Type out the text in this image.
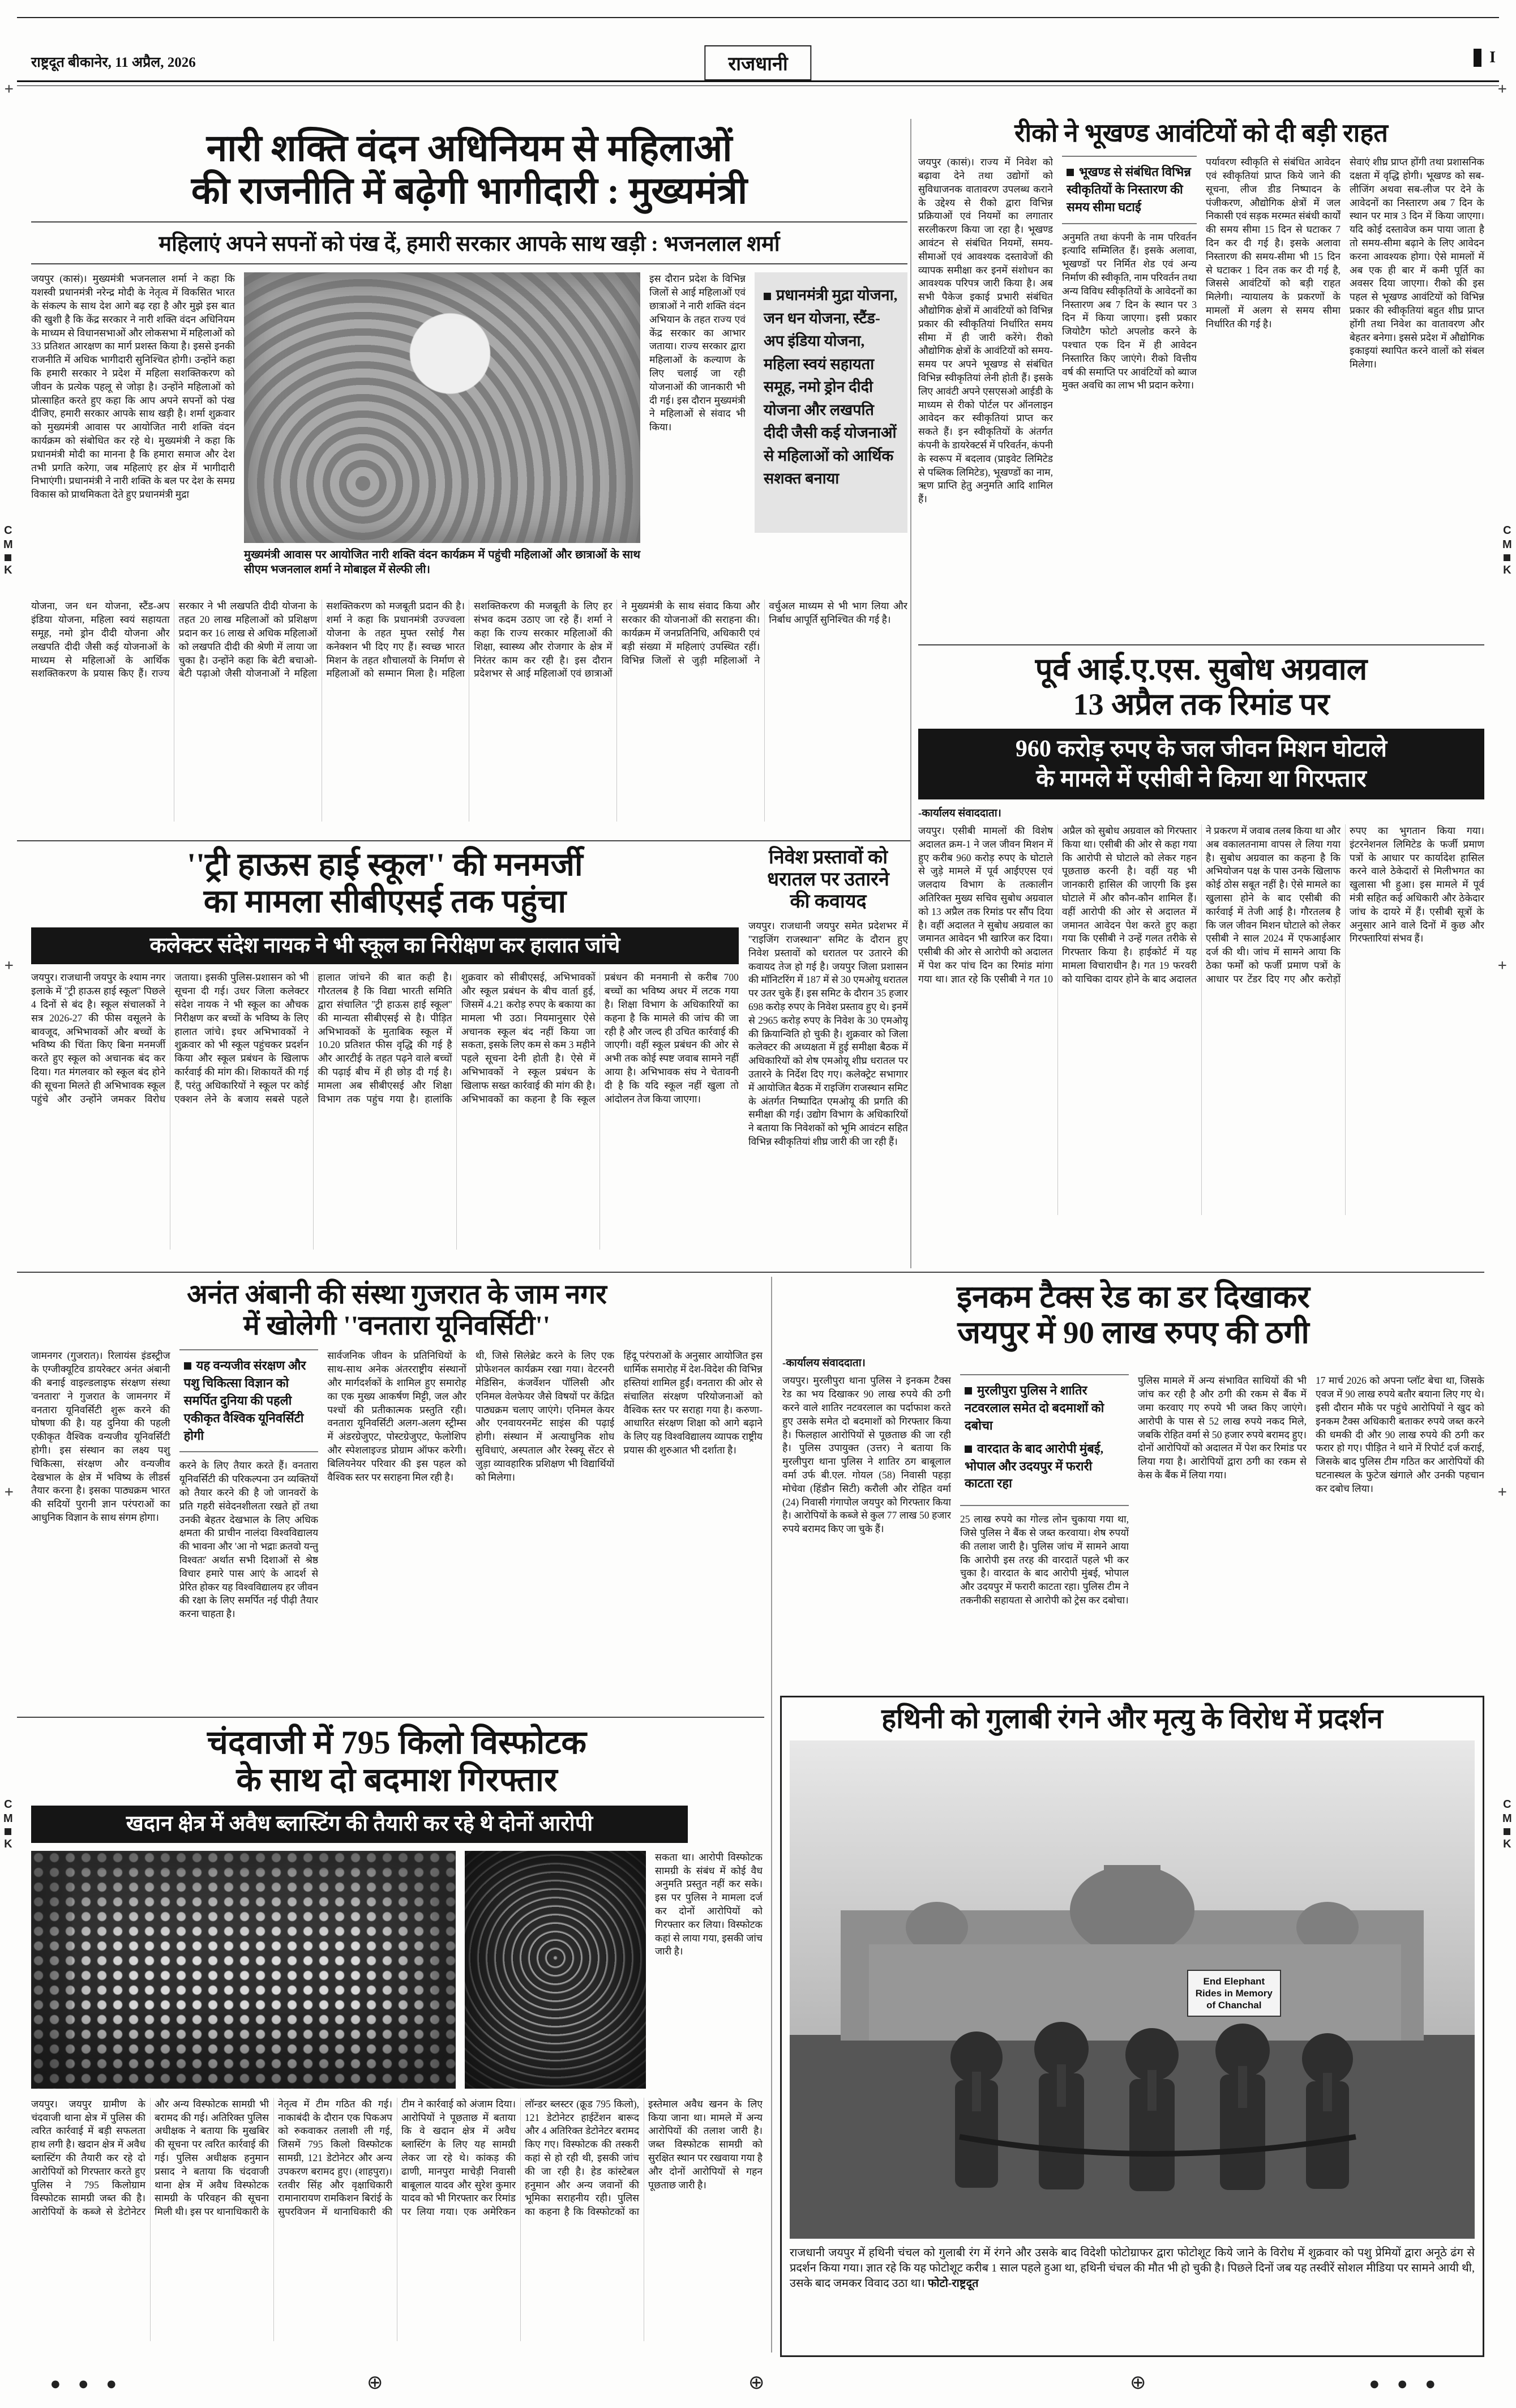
+	+
+	+
+	+
राष्ट्रदूत बीकानेर, 11 अप्रैल, 2026	राजधानी	I
C
M
K
C
M
K
C
M
K
C
M
K
नारी शक्ति वंदन अधिनियम से महिलाओं
की राजनीति में बढ़ेगी भागीदारी : मुख्यमंत्री
महिलाएं अपने सपनों को पंख दें, हमारी सरकार आपके साथ खड़ी : भजनलाल शर्मा
जयपुर (कासं)। मुख्यमंत्री भजनलाल शर्मा ने कहा कि यशस्वी प्रधानमंत्री नरेन्द्र मोदी के नेतृत्व में विकसित भारत के संकल्प के साथ देश आगे बढ़ रहा है और मुझे इस बात की खुशी है कि केंद्र सरकार ने नारी शक्ति वंदन अधिनियम के माध्यम से विधानसभाओं और लोकसभा में महिलाओं को 33 प्रतिशत आरक्षण का मार्ग प्रशस्त किया है। इससे इनकी राजनीति में अधिक भागीदारी सुनिश्चित होगी। उन्होंने कहा कि हमारी सरकार ने प्रदेश में महिला सशक्तिकरण को जीवन के प्रत्येक पहलू से जोड़ा है। उन्होंने महिलाओं को प्रोत्साहित करते हुए कहा कि आप अपने सपनों को पंख दीजिए, हमारी सरकार आपके साथ खड़ी है। शर्मा शुक्रवार को मुख्यमंत्री आवास पर आयोजित नारी शक्ति वंदन कार्यक्रम को संबोधित कर रहे थे। मुख्यमंत्री ने कहा कि प्रधानमंत्री मोदी का मानना है कि हमारा समाज और देश तभी प्रगति करेगा, जब महिलाएं हर क्षेत्र में भागीदारी निभाएंगी। प्रधानमंत्री ने नारी शक्ति के बल पर देश के समग्र विकास को प्राथमिकता देते हुए प्रधानमंत्री मुद्रा
मुख्यमंत्री आवास पर आयोजित नारी शक्ति वंदन कार्यक्रम में पहुंची महिलाओं और छात्राओं के साथ सीएम भजनलाल शर्मा ने मोबाइल में सेल्फी ली।
इस दौरान प्रदेश के विभिन्न जिलों से आई महिलाओं एवं छात्राओं ने नारी शक्ति वंदन अभियान के तहत राज्य एवं केंद्र सरकार का आभार जताया। राज्य सरकार द्वारा महिलाओं के कल्याण के लिए चलाई जा रही योजनाओं की जानकारी भी दी गई। इस दौरान मुख्यमंत्री ने महिलाओं से संवाद भी किया।
प्रधानमंत्री मुद्रा योजना, जन धन योजना, स्टैंड-अप इंडिया योजना, महिला स्वयं सहायता समूह, नमो ड्रोन दीदी योजना और लखपति दीदी जैसी कई योजनाओं से महिलाओं को आर्थिक सशक्त बनाया
योजना, जन धन योजना, स्टैंड-अप इंडिया योजना, महिला स्वयं सहायता समूह, नमो ड्रोन दीदी योजना और लखपति दीदी जैसी कई योजनाओं के माध्यम से महिलाओं के आर्थिक सशक्तिकरण के प्रयास किए हैं। राज्य सरकार ने भी लखपति दीदी योजना के तहत 20 लाख महिलाओं को प्रशिक्षण प्रदान कर 16 लाख से अधिक महिलाओं को लखपति दीदी की श्रेणी में लाया जा चुका है। उन्होंने कहा कि बेटी बचाओ-बेटी पढ़ाओ जैसी योजनाओं ने महिला सशक्तिकरण को मजबूती प्रदान की है। शर्मा ने कहा कि प्रधानमंत्री उज्ज्वला योजना के तहत मुफ्त रसोई गैस कनेक्शन भी दिए गए हैं। स्वच्छ भारत मिशन के तहत शौचालयों के निर्माण से महिलाओं को सम्मान मिला है। महिला सशक्तिकरण की मजबूती के लिए हर संभव कदम उठाए जा रहे हैं। शर्मा ने कहा कि राज्य सरकार महिलाओं की शिक्षा, स्वास्थ्य और रोजगार के क्षेत्र में निरंतर काम कर रही है। इस दौरान प्रदेशभर से आई महिलाओं एवं छात्राओं ने मुख्यमंत्री के साथ संवाद किया और सरकार की योजनाओं की सराहना की। कार्यक्रम में जनप्रतिनिधि, अधिकारी एवं बड़ी संख्या में महिलाएं उपस्थित रहीं। विभिन्न जिलों से जुड़ी महिलाओं ने वर्चुअल माध्यम से भी भाग लिया और निर्बाध आपूर्ति सुनिश्चित की गई है।
रीको ने भूखण्ड आवंटियों को दी बड़ी राहत
जयपुर (कासं)। राज्य में निवेश को बढ़ावा देने तथा उद्योगों को सुविधाजनक वातावरण उपलब्ध कराने के उद्देश्य से रीको द्वारा विभिन्न प्रक्रियाओं एवं नियमों का लगातार सरलीकरण किया जा रहा है। भूखण्ड आवंटन से संबंधित नियमों, समय-सीमाओं एवं आवश्यक दस्तावेजों की व्यापक समीक्षा कर इनमें संशोधन का आवश्यक परिपत्र जारी किया है। अब सभी पैकेज इकाई प्रभारी संबंधित औद्योगिक क्षेत्रों में आवंटियों को विभिन्न प्रकार की स्वीकृतियां निर्धारित समय सीमा में ही जारी करेंगे। रीको औद्योगिक क्षेत्रों के आवंटियों को समय-समय पर अपने भूखण्ड से संबंधित विभिन्न स्वीकृतियां लेनी होती हैं। इसके लिए आवंटी अपने एसएसओ आईडी के माध्यम से रीको पोर्टल पर ऑनलाइन आवेदन कर स्वीकृतियां प्राप्त कर सकते हैं। इन स्वीकृतियों के अंतर्गत कंपनी के डायरेक्टर्स में परिवर्तन, कंपनी के स्वरूप में बदलाव (प्राइवेट लिमिटेड से पब्लिक लिमिटेड), भूखण्डों का नाम, ऋण प्राप्ति हेतु अनुमति आदि शामिल हैं।
भूखण्ड से संबंधित विभिन्न स्वीकृतियों के निस्तारण की समय सीमा घटाई
अनुमति तथा कंपनी के नाम परिवर्तन इत्यादि सम्मिलित हैं। इसके अलावा, भूखण्डों पर निर्मित शेड एवं अन्य निर्माण की स्वीकृति, नाम परिवर्तन तथा अन्य विविध स्वीकृतियों के आवेदनों का निस्तारण अब 7 दिन के स्थान पर 3 दिन में किया जाएगा। इसी प्रकार जियोटैग फोटो अपलोड करने के पश्चात एक दिन में ही आवेदन निस्तारित किए जाएंगे। रीको वित्तीय वर्ष की समाप्ति पर आवंटियों को ब्याज मुक्त अवधि का लाभ भी प्रदान करेगा।
पर्यावरण स्वीकृति से संबंधित आवेदन एवं स्वीकृतियां प्राप्त किये जाने की सूचना, लीज डीड निष्पादन के पंजीकरण, औद्योगिक क्षेत्रों में जल निकासी एवं सड़क मरम्मत संबंधी कार्यों की समय सीमा 15 दिन से घटाकर 7 दिन कर दी गई है। इसके अलावा निस्तारण की समय-सीमा भी 15 दिन से घटाकर 1 दिन तक कर दी गई है, जिससे आवंटियों को बड़ी राहत मिलेगी। न्यायालय के प्रकरणों के मामलों में अलग से समय सीमा निर्धारित की गई है।
सेवाएं शीघ्र प्राप्त होंगी तथा प्रशासनिक दक्षता में वृद्धि होगी। भूखण्ड को सब-लीजिंग अथवा सब-लीज पर देने के आवेदनों का निस्तारण अब 7 दिन के स्थान पर मात्र 3 दिन में किया जाएगा। यदि कोई दस्तावेज कम पाया जाता है तो समय-सीमा बढ़ाने के लिए आवेदन करना आवश्यक होगा। ऐसे मामलों में अब एक ही बार में कमी पूर्ति का अवसर दिया जाएगा। रीको की इस पहल से भूखण्ड आवंटियों को विभिन्न प्रकार की स्वीकृतियां बहुत शीघ्र प्राप्त होंगी तथा निवेश का वातावरण और बेहतर बनेगा। इससे प्रदेश में औद्योगिक इकाइयां स्थापित करने वालों को संबल मिलेगा।
पूर्व आई.ए.एस. सुबोध अग्रवाल
13 अप्रैल तक रिमांड पर
960 करोड़ रुपए के जल जीवन मिशन घोटाले
के मामले में एसीबी ने किया था गिरफ्तार
-कार्यालय संवाददाता।
जयपुर। एसीबी मामलों की विशेष अदालत क्रम-1 ने जल जीवन मिशन में हुए करीब 960 करोड़ रुपए के घोटाले से जुड़े मामले में पूर्व आईएएस एवं जलदाय विभाग के तत्कालीन अतिरिक्त मुख्य सचिव सुबोध अग्रवाल को 13 अप्रैल तक रिमांड पर सौंप दिया है। वहीं अदालत ने सुबोध अग्रवाल का जमानत आवेदन भी खारिज कर दिया। एसीबी की ओर से आरोपी को अदालत में पेश कर पांच दिन का रिमांड मांगा गया था। ज्ञात रहे कि एसीबी ने गत 10 अप्रैल को सुबोध अग्रवाल को गिरफ्तार किया था। एसीबी की ओर से कहा गया कि आरोपी से घोटाले को लेकर गहन पूछताछ करनी है। वहीं यह भी जानकारी हासिल की जाएगी कि इस घोटाले में और कौन-कौन शामिल हैं। वहीं आरोपी की ओर से अदालत में जमानत आवेदन पेश करते हुए कहा गया कि एसीबी ने उन्हें गलत तरीके से गिरफ्तार किया है। हाईकोर्ट में यह मामला विचाराधीन है। गत 19 फरवरी को याचिका दायर होने के बाद अदालत ने प्रकरण में जवाब तलब किया था और अब वकालतनामा वापस ले लिया गया है। सुबोध अग्रवाल का कहना है कि अभियोजन पक्ष के पास उनके खिलाफ कोई ठोस सबूत नहीं है। ऐसे मामले का खुलासा होने के बाद एसीबी की कार्रवाई में तेजी आई है। गौरतलब है कि जल जीवन मिशन घोटाले को लेकर एसीबी ने साल 2024 में एफआईआर दर्ज की थी। जांच में सामने आया कि ठेका फर्मों को फर्जी प्रमाण पत्रों के आधार पर टेंडर दिए गए और करोड़ों रुपए का भुगतान किया गया। इंटरनेशनल लिमिटेड के फर्जी प्रमाण पत्रों के आधार पर कार्यादेश हासिल करने वाले ठेकेदारों से मिलीभगत का खुलासा भी हुआ। इस मामले में पूर्व मंत्री सहित कई अधिकारी और ठेकेदार जांच के दायरे में हैं। एसीबी सूत्रों के अनुसार आने वाले दिनों में कुछ और गिरफ्तारियां संभव हैं।
''ट्री हाऊस हाई स्कूल'' की मनमर्जी
का मामला सीबीएसई तक पहुंचा
कलेक्टर संदेश नायक ने भी स्कूल का निरीक्षण कर हालात जांचे
जयपुर। राजधानी जयपुर के श्याम नगर इलाके में ''ट्री हाऊस हाई स्कूल'' पिछले 4 दिनों से बंद है। स्कूल संचालकों ने सत्र 2026-27 की फीस वसूलने के बावजूद, अभिभावकों और बच्चों के भविष्य की चिंता किए बिना मनमर्जी करते हुए स्कूल को अचानक बंद कर दिया। गत मंगलवार को स्कूल बंद होने की सूचना मिलते ही अभिभावक स्कूल पहुंचे और उन्होंने जमकर विरोध जताया। इसकी पुलिस-प्रशासन को भी सूचना दी गई। उधर जिला कलेक्टर संदेश नायक ने भी स्कूल का औचक निरीक्षण कर बच्चों के भविष्य के लिए हालात जांचे। इधर अभिभावकों ने शुक्रवार को भी स्कूल पहुंचकर प्रदर्शन किया और स्कूल प्रबंधन के खिलाफ कार्रवाई की मांग की। शिकायतें की गई हैं, परंतु अधिकारियों ने स्कूल पर कोई एक्शन लेने के बजाय सबसे पहले हालात जांचने की बात कही है। गौरतलब है कि विद्या भारती समिति द्वारा संचालित ''ट्री हाऊस हाई स्कूल'' की मान्यता सीबीएसई से है। पीड़ित अभिभावकों के मुताबिक स्कूल में 10.20 प्रतिशत फीस वृद्धि की गई है और आरटीई के तहत पढ़ने वाले बच्चों की पढ़ाई बीच में ही छोड़ दी गई है। मामला अब सीबीएसई और शिक्षा विभाग तक पहुंच गया है। हालांकि शुक्रवार को सीबीएसई, अभिभावकों और स्कूल प्रबंधन के बीच वार्ता हुई, जिसमें 4.21 करोड़ रुपए के बकाया का मामला भी उठा। नियमानुसार ऐसे अचानक स्कूल बंद नहीं किया जा सकता, इसके लिए कम से कम 3 महीने पहले सूचना देनी होती है। ऐसे में अभिभावकों ने स्कूल प्रबंधन के खिलाफ सख्त कार्रवाई की मांग की है। अभिभावकों का कहना है कि स्कूल प्रबंधन की मनमानी से करीब 700 बच्चों का भविष्य अधर में लटक गया है। शिक्षा विभाग के अधिकारियों का कहना है कि मामले की जांच की जा रही है और जल्द ही उचित कार्रवाई की जाएगी। वहीं स्कूल प्रबंधन की ओर से अभी तक कोई स्पष्ट जवाब सामने नहीं आया है। अभिभावक संघ ने चेतावनी दी है कि यदि स्कूल नहीं खुला तो आंदोलन तेज किया जाएगा।
निवेश प्रस्तावों को
धरातल पर उतारने
की कवायद
जयपुर। राजधानी जयपुर समेत प्रदेशभर में ''राइजिंग राजस्थान'' समिट के दौरान हुए निवेश प्रस्तावों को धरातल पर उतारने की कवायद तेज हो गई है। जयपुर जिला प्रशासन की मॉनिटरिंग में 187 में से 30 एमओयू धरातल पर उतर चुके हैं। इस समिट के दौरान 35 हजार 698 करोड़ रुपए के निवेश प्रस्ताव हुए थे। इनमें से 2965 करोड़ रुपए के निवेश के 30 एमओयू की क्रियान्विति हो चुकी है। शुक्रवार को जिला कलेक्टर की अध्यक्षता में हुई समीक्षा बैठक में अधिकारियों को शेष एमओयू शीघ्र धरातल पर उतारने के निर्देश दिए गए। कलेक्ट्रेट सभागार में आयोजित बैठक में राइजिंग राजस्थान समिट के अंतर्गत निष्पादित एमओयू की प्रगति की समीक्षा की गई। उद्योग विभाग के अधिकारियों ने बताया कि निवेशकों को भूमि आवंटन सहित विभिन्न स्वीकृतियां शीघ्र जारी की जा रही हैं।
इनकम टैक्स रेड का डर दिखाकर
जयपुर में 90 लाख रुपए की ठगी
-कार्यालय संवाददाता।
जयपुर। मुरलीपुरा थाना पुलिस ने इनकम टैक्स रेड का भय दिखाकर 90 लाख रुपये की ठगी करने वाले शातिर नटवरलाल का पर्दाफाश करते हुए उसके समेत दो बदमाशों को गिरफ्तार किया है। फिलहाल आरोपियों से पूछताछ की जा रही है। पुलिस उपायुक्त (उत्तर) ने बताया कि मुरलीपुरा थाना पुलिस ने शातिर ठग बाबूलाल वर्मा उर्फ बी.एल. गोयल (58) निवासी पहड़ा मोचेवा (हिंडौन सिटी) करौली और रोहित वर्मा (24) निवासी गंगापोल जयपुर को गिरफ्तार किया है। आरोपियों के कब्जे से कुल 77 लाख 50 हजार रुपये बरामद किए जा चुके हैं।
मुरलीपुरा पुलिस ने शातिर नटवरलाल समेत दो बदमाशों को दबोचा
वारदात के बाद आरोपी मुंबई, भोपाल और उदयपुर में फरारी काटता रहा
25 लाख रुपये का गोल्ड लोन चुकाया गया था, जिसे पुलिस ने बैंक से जब्त करवाया। शेष रुपयों की तलाश जारी है। पुलिस जांच में सामने आया कि आरोपी इस तरह की वारदातें पहले भी कर चुका है। वारदात के बाद आरोपी मुंबई, भोपाल और उदयपुर में फरारी काटता रहा। पुलिस टीम ने तकनीकी सहायता से आरोपी को ट्रेस कर दबोचा।
पुलिस मामले में अन्य संभावित साथियों की भी जांच कर रही है और ठगी की रकम से बैंक में जमा करवाए गए रुपये भी जब्त किए जाएंगे। आरोपी के पास से 52 लाख रुपये नकद मिले, जबकि रोहित वर्मा से 50 हजार रुपये बरामद हुए। दोनों आरोपियों को अदालत में पेश कर रिमांड पर लिया गया है। आरोपियों द्वारा ठगी का रकम से केस के बैंक में लिया गया।
17 मार्च 2026 को अपना प्लॉट बेचा था, जिसके एवज में 90 लाख रुपये बतौर बयाना लिए गए थे। इसी दौरान मौके पर पहुंचे आरोपियों ने खुद को इनकम टैक्स अधिकारी बताकर रुपये जब्त करने की धमकी दी और 90 लाख रुपये की ठगी कर फरार हो गए। पीड़ित ने थाने में रिपोर्ट दर्ज कराई, जिसके बाद पुलिस टीम गठित कर आरोपियों की घटनास्थल के फुटेज खंगाले और उनकी पहचान कर दबोच लिया।
अनंत अंबानी की संस्था गुजरात के जाम नगर
में खोलेगी ''वनतारा यूनिवर्सिटी''
जामनगर (गुजरात)। रिलायंस इंडस्ट्रीज के एग्जीक्यूटिव डायरेक्टर अनंत अंबानी की बनाई वाइल्डलाइफ संरक्षण संस्था 'वनतारा' ने गुजरात के जामनगर में वनतारा यूनिवर्सिटी शुरू करने की घोषणा की है। यह दुनिया की पहली एकीकृत वैश्विक वन्यजीव यूनिवर्सिटी होगी। इस संस्थान का लक्ष्य पशु चिकित्सा, संरक्षण और वन्यजीव देखभाल के क्षेत्र में भविष्य के लीडर्स तैयार करना है। इसका पाठ्यक्रम भारत की सदियों पुरानी ज्ञान परंपराओं का आधुनिक विज्ञान के साथ संगम होगा।
यह वन्यजीव संरक्षण और पशु चिकित्सा विज्ञान को समर्पित दुनिया की पहली एकीकृत वैश्विक यूनिवर्सिटी होगी
करने के लिए तैयार करते हैं। वनतारा यूनिवर्सिटी की परिकल्पना उन व्यक्तियों को तैयार करने की है जो जानवरों के प्रति गहरी संवेदनशीलता रखते हों तथा उनकी बेहतर देखभाल के लिए अधिक क्षमता की प्राचीन नालंदा विश्वविद्यालय की भावना और 'आ नो भद्राः क्रतवो यन्तु विश्वतः' अर्थात सभी दिशाओं से श्रेष्ठ विचार हमारे पास आएं के आदर्श से प्रेरित होकर यह विश्वविद्यालय हर जीवन की रक्षा के लिए समर्पित नई पीढ़ी तैयार करना चाहता है।
सार्वजनिक जीवन के प्रतिनिधियों के साथ-साथ अनेक अंतरराष्ट्रीय संस्थानों और मार्गदर्शकों के शामिल हुए समारोह का एक मुख्य आकर्षण मिट्टी, जल और पश्चों की प्रतीकात्मक प्रस्तुति रही। वनतारा यूनिवर्सिटी अलग-अलग स्ट्रीम्स में अंडरग्रेजुएट, पोस्टग्रेजुएट, फेलोशिप और स्पेशलाइज्ड प्रोग्राम ऑफर करेगी। बिलियनेयर परिवार की इस पहल को वैश्विक स्तर पर सराहना मिल रही है।
थी, जिसे सिलेब्रेट करने के लिए एक प्रोफेशनल कार्यक्रम रखा गया। वेटरनरी मेडिसिन, कंजर्वेशन पॉलिसी और एनिमल वेलफेयर जैसे विषयों पर केंद्रित पाठ्यक्रम चलाए जाएंगे। एनिमल केयर और एनवायरनमेंट साइंस की पढ़ाई होगी। संस्थान में अत्याधुनिक शोध सुविधाएं, अस्पताल और रेस्क्यू सेंटर से जुड़ा व्यावहारिक प्रशिक्षण भी विद्यार्थियों को मिलेगा।
हिंदू परंपराओं के अनुसार आयोजित इस धार्मिक समारोह में देश-विदेश की विभिन्न हस्तियां शामिल हुईं। वनतारा की ओर से संचालित संरक्षण परियोजनाओं को वैश्विक स्तर पर सराहा गया है। करुणा-आधारित संरक्षण शिक्षा को आगे बढ़ाने के लिए यह विश्वविद्यालय व्यापक राष्ट्रीय प्रयास की शुरुआत भी दर्शाता है।
चंदवाजी में 795 किलो विस्फोटक
के साथ दो बदमाश गिरफ्तार
खदान क्षेत्र में अवैध ब्लास्टिंग की तैयारी कर रहे थे दोनों आरोपी
सकता था। आरोपी विस्फोटक सामग्री के संबंध में कोई वैध अनुमति प्रस्तुत नहीं कर सके। इस पर पुलिस ने मामला दर्ज कर दोनों आरोपियों को गिरफ्तार कर लिया। विस्फोटक कहां से लाया गया, इसकी जांच जारी है।
जयपुर। जयपुर ग्रामीण के चंदवाजी थाना क्षेत्र में पुलिस की त्वरित कार्रवाई में बड़ी सफलता हाथ लगी है। खदान क्षेत्र में अवैध ब्लास्टिंग की तैयारी कर रहे दो आरोपियों को गिरफ्तार करते हुए पुलिस ने 795 किलोग्राम विस्फोटक सामग्री जब्त की है। आरोपियों के कब्जे से डेटोनेटर और अन्य विस्फोटक सामग्री भी बरामद की गई। अतिरिक्त पुलिस अधीक्षक ने बताया कि मुखबिर की सूचना पर त्वरित कार्रवाई की गई। पुलिस अधीक्षक हनुमान प्रसाद ने बताया कि चंदवाजी थाना क्षेत्र में अवैध विस्फोटक सामग्री के परिवहन की सूचना मिली थी। इस पर थानाधिकारी के नेतृत्व में टीम गठित की गई। नाकाबंदी के दौरान एक पिकअप को रुकवाकर तलाशी ली गई, जिसमें 795 किलो विस्फोटक सामग्री, 121 डेटोनेटर और अन्य उपकरण बरामद हुए। (शाहपुरा)। रतवीर सिंह और वृक्षाधिकारी रामानारायण रामकिशन बिरांई के सुपरविजन में थानाधिकारी की टीम ने कार्रवाई को अंजाम दिया। आरोपियों ने पूछताछ में बताया कि वे खदान क्षेत्र में अवैध ब्लास्टिंग के लिए यह सामग्री लेकर जा रहे थे। कांकड़ की ढाणी, मानपुरा माचेड़ी निवासी बाबूलाल यादव और सुरेश कुमार यादव को भी गिरफ्तार कर रिमांड पर लिया गया। एक अमेरिकन लॉन्डर ब्लस्टर (क्रूड 795 किलो), 121 डेटोनेटर हाईटेंशन बारूद और 4 अतिरिक्त डेटोनेटर बरामद किए गए। विस्फोटक की तस्करी कहां से हो रही थी, इसकी जांच की जा रही है। हेड कांस्टेबल हनुमान और अन्य जवानों की भूमिका सराहनीय रही। पुलिस का कहना है कि विस्फोटकों का इस्तेमाल अवैध खनन के लिए किया जाना था। मामले में अन्य आरोपियों की तलाश जारी है। जब्त विस्फोटक सामग्री को सुरक्षित स्थान पर रखवाया गया है और दोनों आरोपियों से गहन पूछताछ जारी है।
हथिनी को गुलाबी रंगने और मृत्यु के विरोध में प्रदर्शन
End Elephant Rides in Memory of Chanchal
राजधानी जयपुर में हथिनी चंचल को गुलाबी रंग में रंगने और उसके बाद विदेशी फोटोग्राफर द्वारा फोटोशूट किये जाने के विरोध में शुक्रवार को पशु प्रेमियों द्वारा अनूठे ढंग से प्रदर्शन किया गया। ज्ञात रहे कि यह फोटोशूट करीब 1 साल पहले हुआ था, हथिनी चंचल की मौत भी हो चुकी है। पिछले दिनों जब यह तस्वीरें सोशल मीडिया पर सामने आयी थी, उसके बाद जमकर विवाद उठा था। फोटो-राष्ट्रदूत
● ● ●	⊕	⊕	⊕	● ● ●
